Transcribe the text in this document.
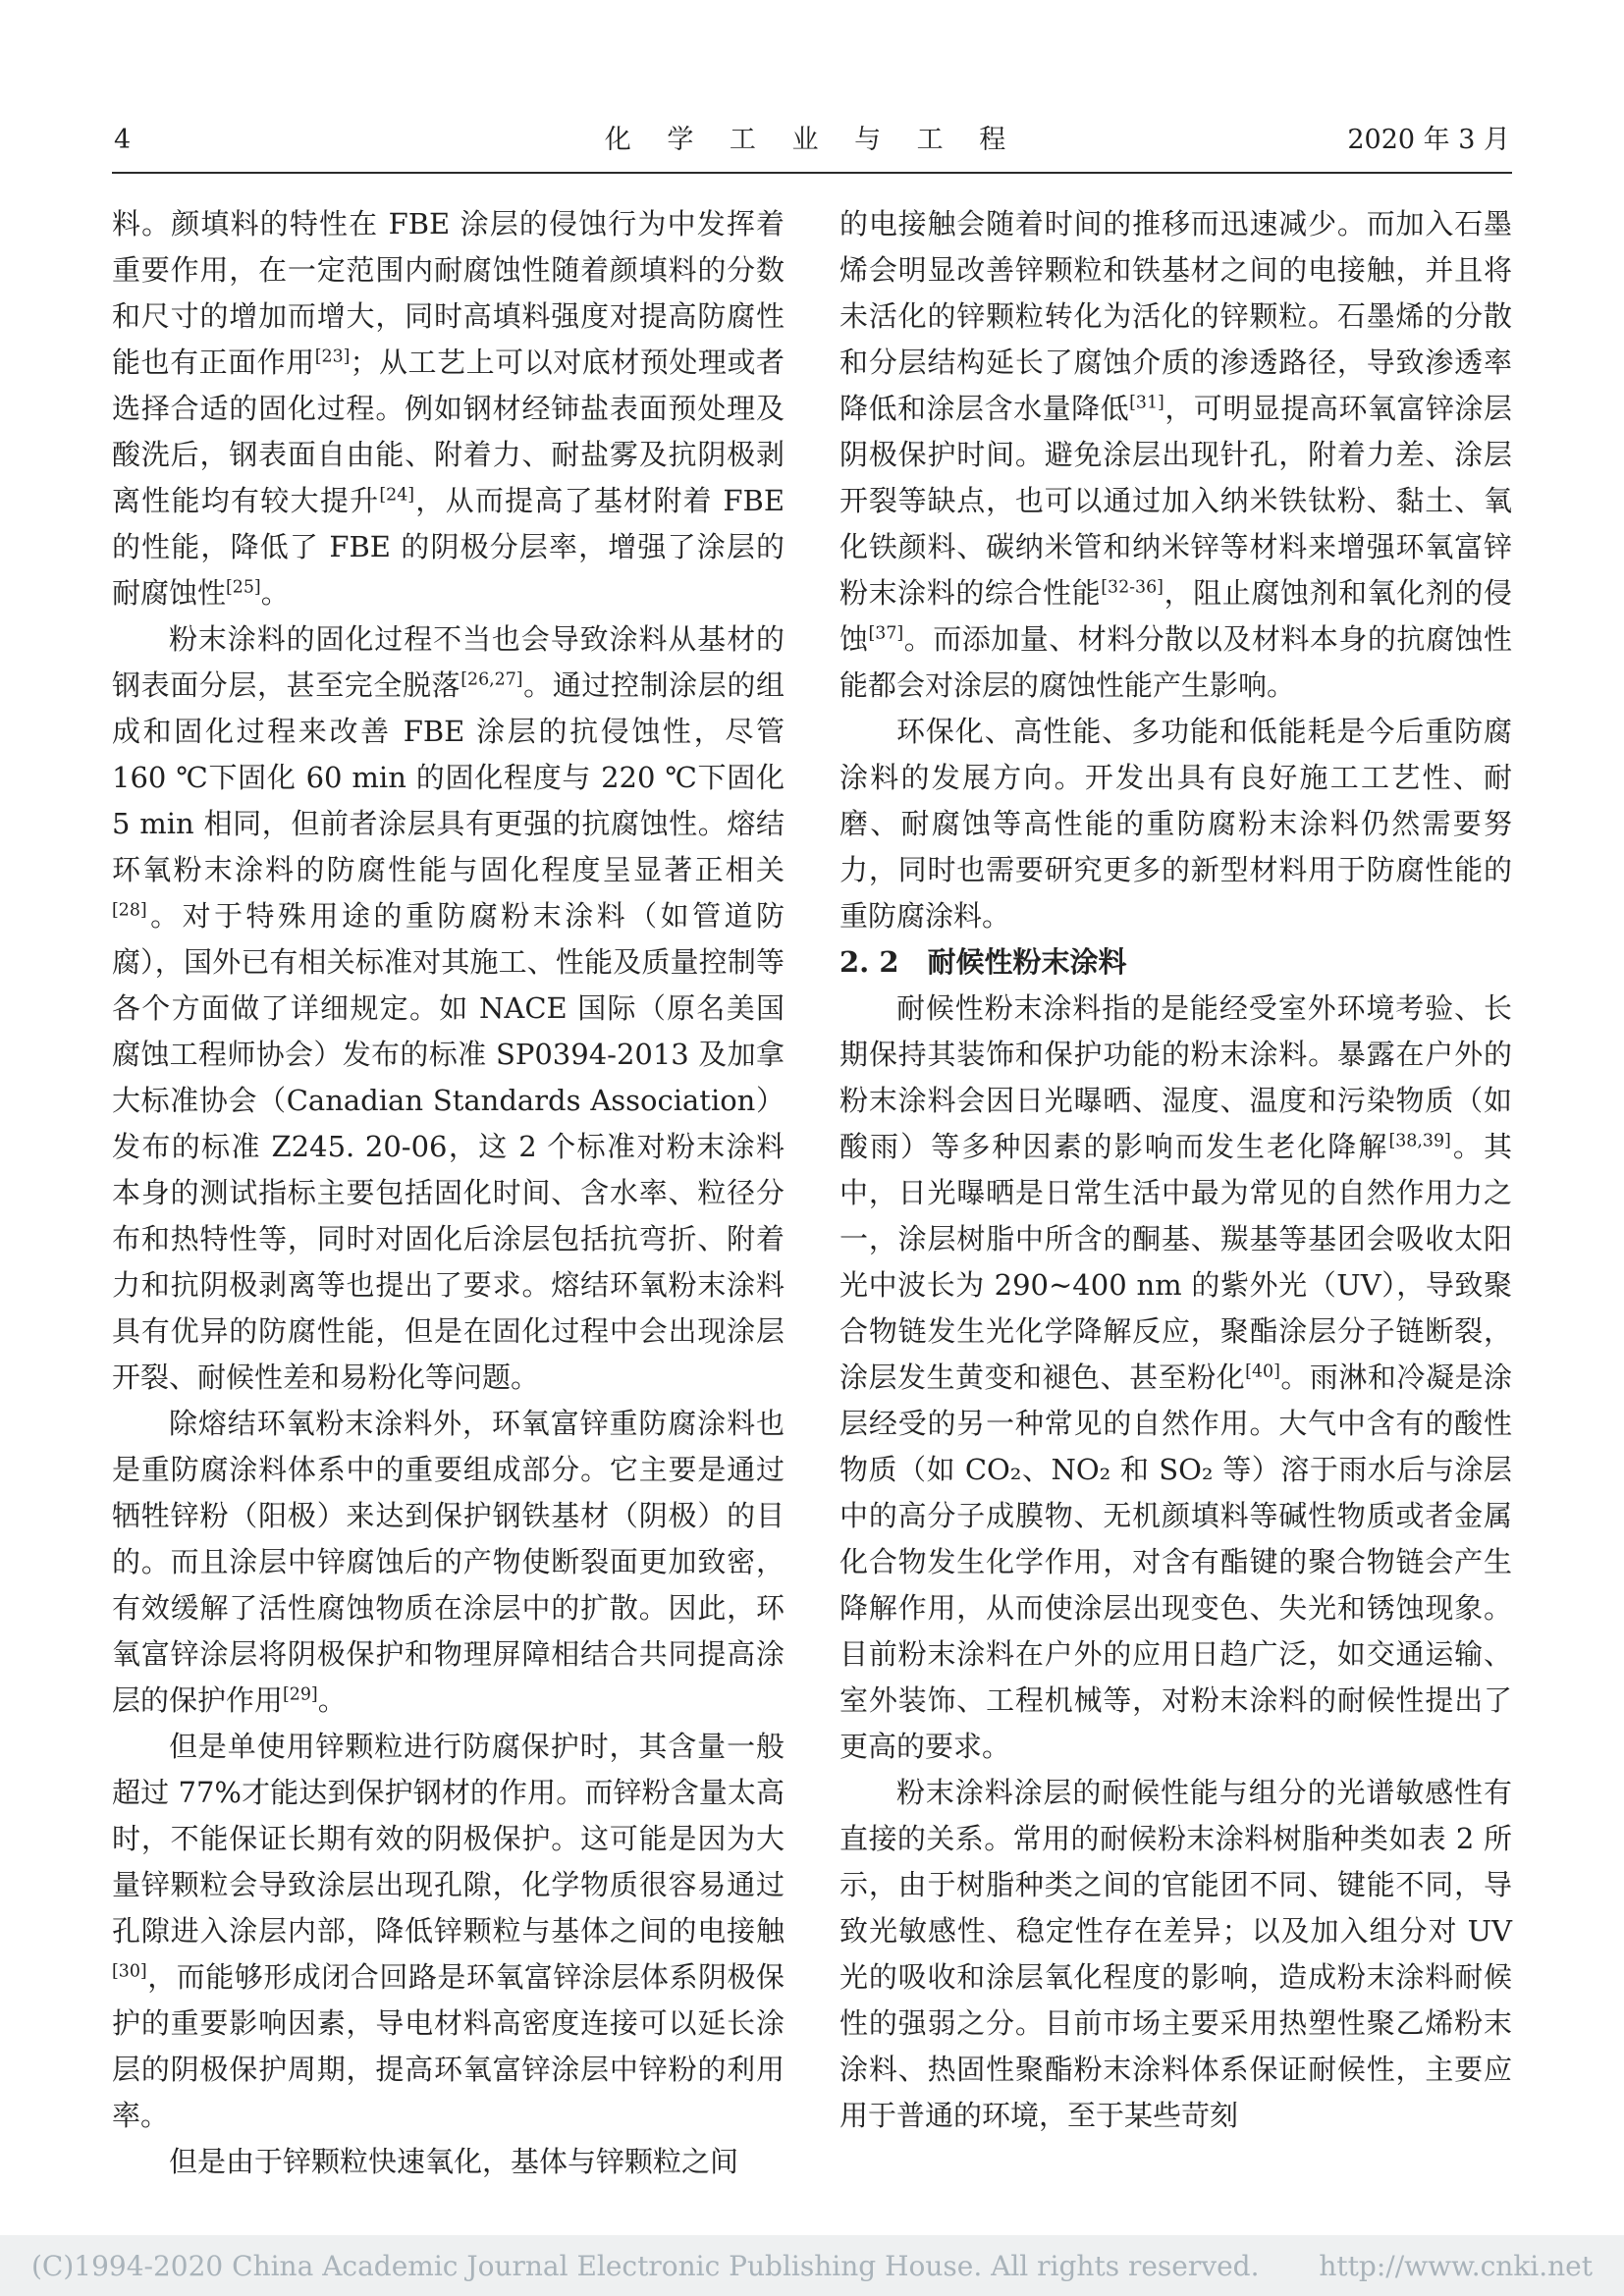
4	化 学 工 业 与 工 程	2020 年 3 月

料。颜填料的特性在 FBE 涂层的侵蚀行为中发挥着重要作用，在一定范围内耐腐蚀性随着颜填料的分数和尺寸的增加而增大，同时高填料强度对提高防腐性能也有正面作用[23]；从工艺上可以对底材预处理或者选择合适的固化过程。例如钢材经铈盐表面预处理及酸洗后，钢表面自由能、附着力、耐盐雾及抗阴极剥离性能均有较大提升[24]，从而提高了基材附着 FBE 的性能，降低了 FBE 的阴极分层率，增强了涂层的耐腐蚀性[25]。

粉末涂料的固化过程不当也会导致涂料从基材的钢表面分层，甚至完全脱落[26,27]。通过控制涂层的组成和固化过程来改善 FBE 涂层的抗侵蚀性，尽管 160 ℃下固化 60 min 的固化程度与 220 ℃下固化 5 min 相同，但前者涂层具有更强的抗腐蚀性。熔结环氧粉末涂料的防腐性能与固化程度呈显著正相关[28]。对于特殊用途的重防腐粉末涂料（如管道防腐），国外已有相关标准对其施工、性能及质量控制等各个方面做了详细规定。如 NACE 国际（原名美国腐蚀工程师协会）发布的标准 SP0394-2013 及加拿大标准协会（Canadian Standards Association）发布的标准 Z245. 20-06，这 2 个标准对粉末涂料本身的测试指标主要包括固化时间、含水率、粒径分布和热特性等，同时对固化后涂层包括抗弯折、附着力和抗阴极剥离等也提出了要求。熔结环氧粉末涂料具有优异的防腐性能，但是在固化过程中会出现涂层开裂、耐候性差和易粉化等问题。

除熔结环氧粉末涂料外，环氧富锌重防腐涂料也是重防腐涂料体系中的重要组成部分。它主要是通过牺牲锌粉（阳极）来达到保护钢铁基材（阴极）的目的。而且涂层中锌腐蚀后的产物使断裂面更加致密，有效缓解了活性腐蚀物质在涂层中的扩散。因此，环氧富锌涂层将阴极保护和物理屏障相结合共同提高涂层的保护作用[29]。

但是单使用锌颗粒进行防腐保护时，其含量一般超过 77%才能达到保护钢材的作用。而锌粉含量太高时，不能保证长期有效的阴极保护。这可能是因为大量锌颗粒会导致涂层出现孔隙，化学物质很容易通过孔隙进入涂层内部，降低锌颗粒与基体之间的电接触[30]，而能够形成闭合回路是环氧富锌涂层体系阴极保护的重要影响因素，导电材料高密度连接可以延长涂层的阴极保护周期，提高环氧富锌涂层中锌粉的利用率。

但是由于锌颗粒快速氧化，基体与锌颗粒之间

的电接触会随着时间的推移而迅速减少。而加入石墨烯会明显改善锌颗粒和铁基材之间的电接触，并且将未活化的锌颗粒转化为活化的锌颗粒。石墨烯的分散和分层结构延长了腐蚀介质的渗透路径，导致渗透率降低和涂层含水量降低[31]，可明显提高环氧富锌涂层阴极保护时间。避免涂层出现针孔，附着力差、涂层开裂等缺点，也可以通过加入纳米铁钛粉、黏土、氧化铁颜料、碳纳米管和纳米锌等材料来增强环氧富锌粉末涂料的综合性能[32-36]，阻止腐蚀剂和氧化剂的侵蚀[37]。而添加量、材料分散以及材料本身的抗腐蚀性能都会对涂层的腐蚀性能产生影响。

环保化、高性能、多功能和低能耗是今后重防腐涂料的发展方向。开发出具有良好施工工艺性、耐磨、耐腐蚀等高性能的重防腐粉末涂料仍然需要努力，同时也需要研究更多的新型材料用于防腐性能的重防腐涂料。

2. 2　耐候性粉末涂料

耐候性粉末涂料指的是能经受室外环境考验、长期保持其装饰和保护功能的粉末涂料。暴露在户外的粉末涂料会因日光曝晒、湿度、温度和污染物质（如酸雨）等多种因素的影响而发生老化降解[38,39]。其中，日光曝晒是日常生活中最为常见的自然作用力之一，涂层树脂中所含的酮基、羰基等基团会吸收太阳光中波长为 290~400 nm 的紫外光（UV），导致聚合物链发生光化学降解反应，聚酯涂层分子链断裂，涂层发生黄变和褪色、甚至粉化[40]。雨淋和冷凝是涂层经受的另一种常见的自然作用。大气中含有的酸性物质（如 CO₂、NO₂ 和 SO₂ 等）溶于雨水后与涂层中的高分子成膜物、无机颜填料等碱性物质或者金属化合物发生化学作用，对含有酯键的聚合物链会产生降解作用，从而使涂层出现变色、失光和锈蚀现象。目前粉末涂料在户外的应用日趋广泛，如交通运输、室外装饰、工程机械等，对粉末涂料的耐候性提出了更高的要求。

粉末涂料涂层的耐候性能与组分的光谱敏感性有直接的关系。常用的耐候粉末涂料树脂种类如表 2 所示，由于树脂种类之间的官能团不同、键能不同，导致光敏感性、稳定性存在差异；以及加入组分对 UV 光的吸收和涂层氧化程度的影响，造成粉末涂料耐候性的强弱之分。目前市场主要采用热塑性聚乙烯粉末涂料、热固性聚酯粉末涂料体系保证耐候性，主要应用于普通的环境，至于某些苛刻

(C)1994-2020 China Academic Journal Electronic Publishing House. All rights reserved. http://www.cnki.net
